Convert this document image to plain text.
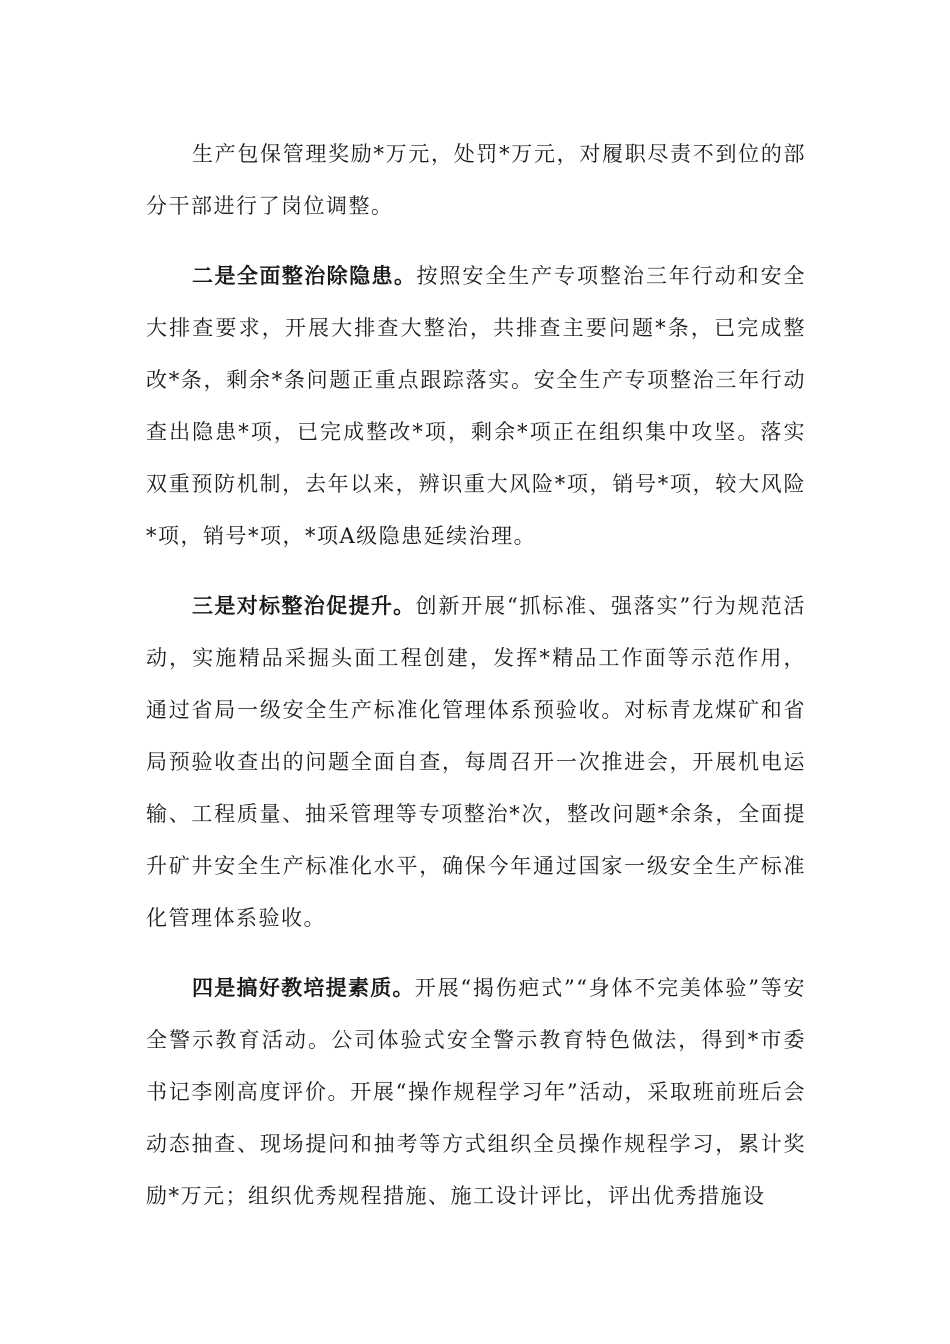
生产包保管理奖励*万元，处罚*万元，对履职尽责不到位的部分干部进行了岗位调整。

二是全面整治除隐患。按照安全生产专项整治三年行动和安全大排查要求，开展大排查大整治，共排查主要问题*条，已完成整改*条，剩余*条问题正重点跟踪落实。安全生产专项整治三年行动查出隐患*项，已完成整改*项，剩余*项正在组织集中攻坚。落实双重预防机制，去年以来，辨识重大风险*项，销号*项，较大风险*项，销号*项，*项A级隐患延续治理。

三是对标整治促提升。创新开展“抓标准、强落实”行为规范活动，实施精品采掘头面工程创建，发挥*精品工作面等示范作用，通过省局一级安全生产标准化管理体系预验收。对标青龙煤矿和省局预验收查出的问题全面自查，每周召开一次推进会，开展机电运输、工程质量、抽采管理等专项整治*次，整改问题*余条，全面提升矿井安全生产标准化水平，确保今年通过国家一级安全生产标准化管理体系验收。

四是搞好教培提素质。开展“揭伤疤式”“身体不完美体验”等安全警示教育活动。公司体验式安全警示教育特色做法，得到*市委书记李刚高度评价。开展“操作规程学习年”活动，采取班前班后会动态抽查、现场提问和抽考等方式组织全员操作规程学习，累计奖励*万元；组织优秀规程措施、施工设计评比，评出优秀措施设
